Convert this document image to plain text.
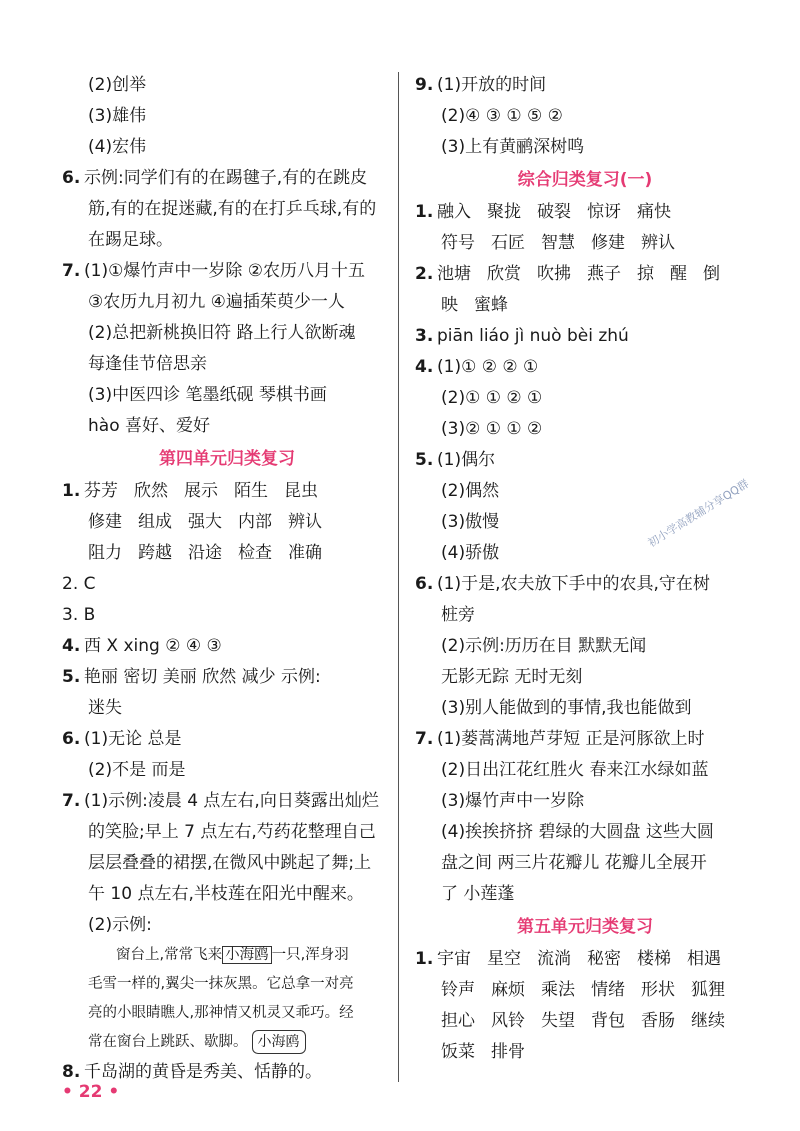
(2)创举
(3)雄伟
(4)宏伟
6. 示例:同学们有的在踢毽子,有的在跳皮
筋,有的在捉迷藏,有的在打乒乓球,有的
在踢足球。
7. (1)①爆竹声中一岁除 ②农历八月十五
③农历九月初九 ④遍插茱萸少一人
(2)总把新桃换旧符 路上行人欲断魂
每逢佳节倍思亲
(3)中医四诊 笔墨纸砚 琴棋书画
hào 喜好、爱好
第四单元归类复习
1. 芬芳 欣然 展示 陌生 昆虫
修建 组成 强大 内部 辨认
阻力 跨越 沿途 检查 准确
2. C
3. B
4. 西 X xing ② ④ ③
5. 艳丽 密切 美丽 欣然 减少 示例:
迷失
6. (1)无论 总是
(2)不是 而是
7. (1)示例:凌晨 4 点左右,向日葵露出灿烂
的笑脸;早上 7 点左右,芍药花整理自己
层层叠叠的裙摆,在微风中跳起了舞;上
午 10 点左右,半枝莲在阳光中醒来。
(2)示例:
窗台上,常常飞来 小海鸥 一只,浑身羽
毛雪一样的,翼尖一抹灰黑。它总拿一对亮
亮的小眼睛瞧人,那神情又机灵又乖巧。经
常在窗台上跳跃、歇脚。 小海鸥
8. 千岛湖的黄昏是秀美、恬静的。
9. (1)开放的时间
(2)④ ③ ① ⑤ ②
(3)上有黄鹂深树鸣
综合归类复习(一)
1. 融入 聚拢 破裂 惊讶 痛快
符号 石匠 智慧 修建 辨认
2. 池塘 欣赏 吹拂 燕子 掠 醒 倒
映 蜜蜂
3. piān liáo jì nuò bèi zhú
4. (1)① ② ② ①
(2)① ① ② ①
(3)② ① ① ②
5. (1)偶尔
(2)偶然
(3)傲慢
(4)骄傲
6. (1)于是,农夫放下手中的农具,守在树
桩旁
(2)示例:历历在目 默默无闻
无影无踪 无时无刻
(3)别人能做到的事情,我也能做到
7. (1)蒌蒿满地芦芽短 正是河豚欲上时
(2)日出江花红胜火 春来江水绿如蓝
(3)爆竹声中一岁除
(4)挨挨挤挤 碧绿的大圆盘 这些大圆
盘之间 两三片花瓣儿 花瓣儿全展开
了 小莲蓬
第五单元归类复习
1. 宇宙 星空 流淌 秘密 楼梯 相遇
铃声 麻烦 乘法 情绪 形状 狐狸
担心 风铃 失望 背包 香肠 继续
饭菜 排骨
初小学高教辅分享QQ群
• 22 •
